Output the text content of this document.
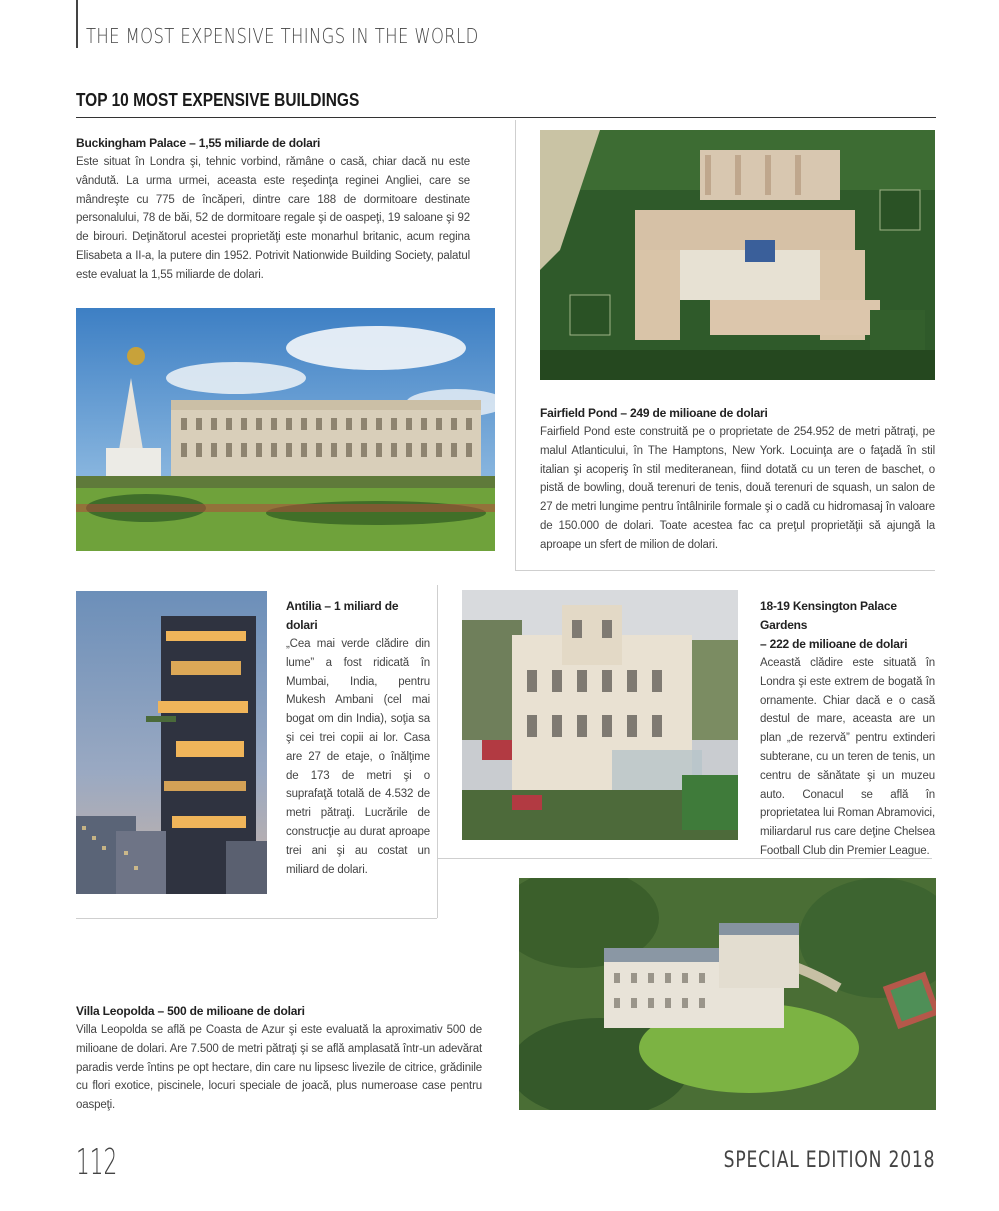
THE MOST EXPENSIVE THINGS IN THE WORLD
TOP 10 MOST EXPENSIVE BUILDINGS
Buckingham Palace – 1,55 miliarde de dolari
Este situat în Londra şi, tehnic vorbind, rămâne o casă, chiar dacă nu este vândută. La urma urmei, aceasta este reşedinţa reginei Angliei, care se mândreşte cu 775 de încăperi, dintre care 188 de dormitoare destinate personalului, 78 de băi, 52 de dormitoare regale şi de oaspeţi, 19 saloane şi 92 de birouri. Deţinătorul acestei proprietăţi este monarhul britanic, acum regina Elisabeta a II-a, la putere din 1952. Potrivit Nationwide Building Society, palatul este evaluat la 1,55 miliarde de dolari.
Fairfield Pond – 249 de milioane de dolari
Fairfield Pond este construită pe o proprietate de 254.952 de metri pătraţi, pe malul Atlanticului, în The Hamptons, New York. Locuinţa are o faţadă în stil italian şi acoperiş în stil mediteranean, fiind dotată cu un teren de baschet, o pistă de bowling, două terenuri de tenis, două terenuri de squash, un salon de 27 de metri lungime pentru întâlnirile formale şi o cadă cu hidromasaj în valoare de 150.000 de dolari. Toate acestea fac ca preţul proprietăţii să ajungă la aproape un sfert de milion de dolari.
Antilia – 1 miliard de dolari
„Cea mai verde clădire din lume” a fost ridicată în Mumbai, India, pentru Mukesh Ambani (cel mai bogat om din India), soţia sa şi cei trei copii ai lor. Casa are 27 de etaje, o înălţime de 173 de metri şi o suprafaţă totală de 4.532 de metri pătraţi. Lucrările de construcţie au durat aproape trei ani şi au costat un miliard de dolari.
18-19 Kensington Palace Gardens
– 222 de milioane de dolari
Această clădire este situată în Londra şi este extrem de bogată în ornamente. Chiar dacă e o casă destul de mare, aceasta are un plan „de rezervă” pentru extinderi subterane, cu un teren de tenis, un centru de sănătate şi un muzeu auto. Conacul se află în proprietatea lui Roman Abramovici, miliardarul rus care deţine Chelsea Football Club din Premier League.
Villa Leopolda – 500 de milioane de dolari
Villa Leopolda se află pe Coasta de Azur şi este evaluată la aproximativ 500 de milioane de dolari. Are 7.500 de metri pătraţi şi se află amplasată într-un adevărat paradis verde întins pe opt hectare, din care nu lipsesc livezile de citrice, grădinile cu flori exotice, piscinele, locuri speciale de joacă, plus numeroase case pentru oaspeţi.
112	SPECIAL EDITION 2018
